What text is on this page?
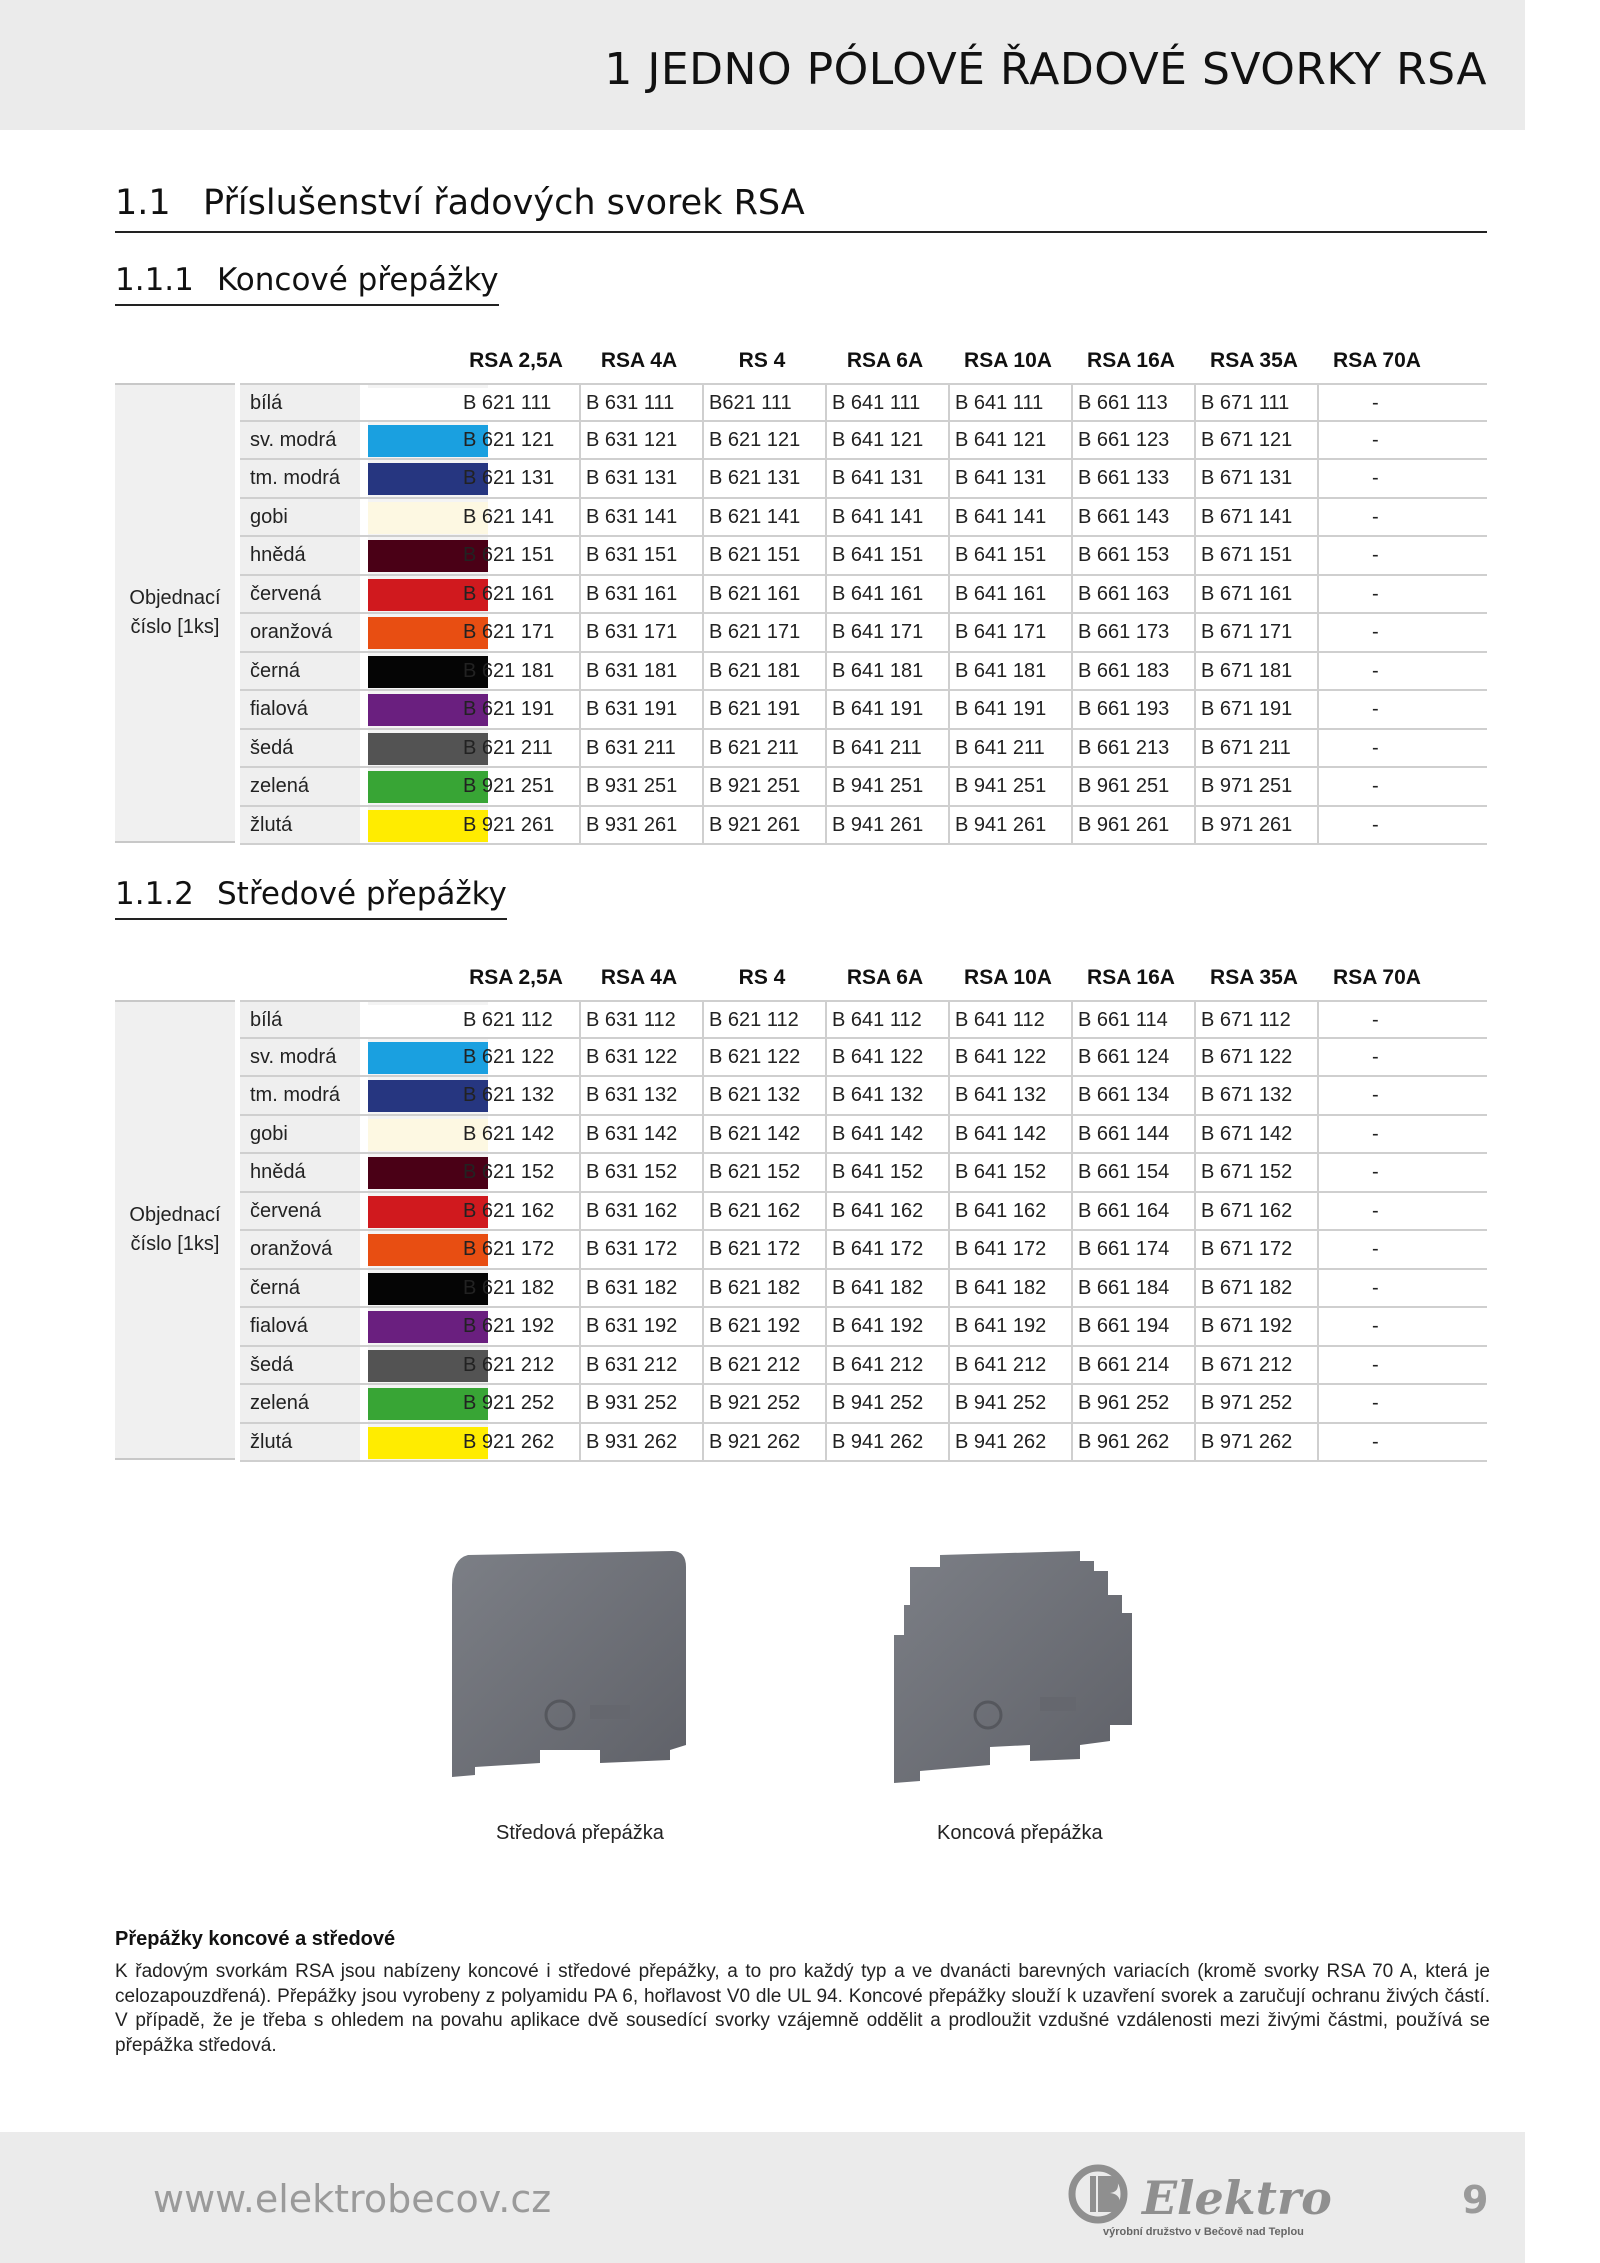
1 JEDNO PÓLOVÉ ŘADOVÉ SVORKY RSA
1.1 Příslušenství řadových svorek RSA
1.1.1 Koncové přepážky
RSA 2,5A	RSA 4A	RS 4	RSA 6A	RSA 10A	RSA 16A	RSA 35A	RSA 70A
Objednací
číslo [1ks]
bílá	B 621 111	B 631 111	B621 111	B 641 111	B 641 111	B 661 113	B 671 111	-
sv. modrá	B 621 121	B 631 121	B 621 121	B 641 121	B 641 121	B 661 123	B 671 121	-
tm. modrá	B 621 131	B 631 131	B 621 131	B 641 131	B 641 131	B 661 133	B 671 131	-
gobi	B 621 141	B 631 141	B 621 141	B 641 141	B 641 141	B 661 143	B 671 141	-
hnědá	B 621 151	B 631 151	B 621 151	B 641 151	B 641 151	B 661 153	B 671 151	-
červená	B 621 161	B 631 161	B 621 161	B 641 161	B 641 161	B 661 163	B 671 161	-
oranžová	B 621 171	B 631 171	B 621 171	B 641 171	B 641 171	B 661 173	B 671 171	-
černá	B 621 181	B 631 181	B 621 181	B 641 181	B 641 181	B 661 183	B 671 181	-
fialová	B 621 191	B 631 191	B 621 191	B 641 191	B 641 191	B 661 193	B 671 191	-
šedá	B 621 211	B 631 211	B 621 211	B 641 211	B 641 211	B 661 213	B 671 211	-
zelená	B 921 251	B 931 251	B 921 251	B 941 251	B 941 251	B 961 251	B 971 251	-
žlutá	B 921 261	B 931 261	B 921 261	B 941 261	B 941 261	B 961 261	B 971 261	-
1.1.2 Středové přepážky
RSA 2,5A	RSA 4A	RS 4	RSA 6A	RSA 10A	RSA 16A	RSA 35A	RSA 70A
Objednací
číslo [1ks]
bílá	B 621 112	B 631 112	B 621 112	B 641 112	B 641 112	B 661 114	B 671 112	-
sv. modrá	B 621 122	B 631 122	B 621 122	B 641 122	B 641 122	B 661 124	B 671 122	-
tm. modrá	B 621 132	B 631 132	B 621 132	B 641 132	B 641 132	B 661 134	B 671 132	-
gobi	B 621 142	B 631 142	B 621 142	B 641 142	B 641 142	B 661 144	B 671 142	-
hnědá	B 621 152	B 631 152	B 621 152	B 641 152	B 641 152	B 661 154	B 671 152	-
červená	B 621 162	B 631 162	B 621 162	B 641 162	B 641 162	B 661 164	B 671 162	-
oranžová	B 621 172	B 631 172	B 621 172	B 641 172	B 641 172	B 661 174	B 671 172	-
černá	B 621 182	B 631 182	B 621 182	B 641 182	B 641 182	B 661 184	B 671 182	-
fialová	B 621 192	B 631 192	B 621 192	B 641 192	B 641 192	B 661 194	B 671 192	-
šedá	B 621 212	B 631 212	B 621 212	B 641 212	B 641 212	B 661 214	B 671 212	-
zelená	B 921 252	B 931 252	B 921 252	B 941 252	B 941 252	B 961 252	B 971 252	-
žlutá	B 921 262	B 931 262	B 921 262	B 941 262	B 941 262	B 961 262	B 971 262	-
Středová přepážka	Koncová přepážka
Přepážky koncové a středové
K řadovým svorkám RSA jsou nabízeny koncové i středové přepážky, a to pro každý typ a ve dvanácti barevných variacích (kromě svorky RSA 70 A, která je celozapouzdřená). Přepážky jsou vyrobeny z polyamidu PA 6, hořlavost V0 dle UL 94. Koncové přepážky slouží k uzavření svorek a zaručují ochranu živých částí. V případě, že je třeba s ohledem na povahu aplikace dvě sousedící svorky vzájemně oddělit a prodloužit vzdušné vzdálenosti mezi živými částmi, používá se přepážka středová.
www.elektrobecov.cz	Elektro
výrobní družstvo v Bečově nad Teplou
9
